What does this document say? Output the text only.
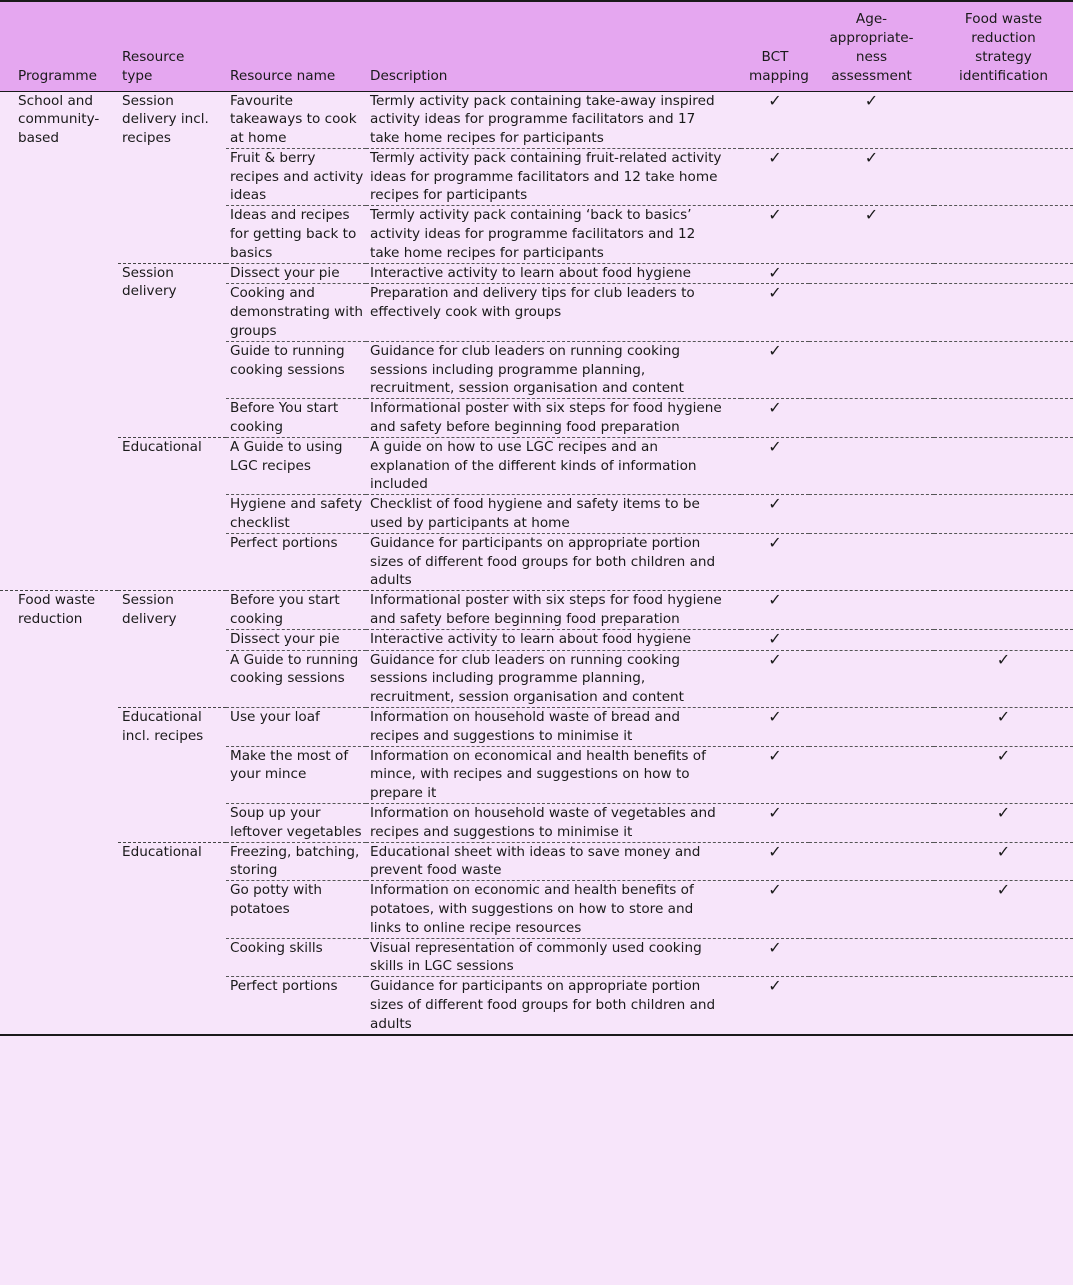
Programme	Resource type	Resource name	Description	BCT mapping	Age-appropriate-ness assessment	Food waste reduction strategy identification
School and community-based	Session delivery incl. recipes	Favourite takeaways to cook at home	Termly activity pack containing take-away inspired activity ideas for programme facilitators and 17 take home recipes for participants	✓	✓	
		Fruit & berry recipes and activity ideas	Termly activity pack containing fruit-related activity ideas for programme facilitators and 12 take home recipes for participants	✓	✓	
		Ideas and recipes for getting back to basics	Termly activity pack containing ‘back to basics’ activity ideas for programme facilitators and 12 take home recipes for participants	✓	✓	
	Session delivery	Dissect your pie	Interactive activity to learn about food hygiene	✓		
		Cooking and demonstrating with groups	Preparation and delivery tips for club leaders to effectively cook with groups	✓		
		Guide to running cooking sessions	Guidance for club leaders on running cooking sessions including programme planning, recruitment, session organisation and content	✓		
		Before You start cooking	Informational poster with six steps for food hygiene and safety before beginning food preparation	✓		
	Educational	A Guide to using LGC recipes	A guide on how to use LGC recipes and an explanation of the different kinds of information included	✓		
		Hygiene and safety checklist	Checklist of food hygiene and safety items to be used by participants at home	✓		
		Perfect portions	Guidance for participants on appropriate portion sizes of different food groups for both children and adults	✓		
Food waste reduction	Session delivery	Before you start cooking	Informational poster with six steps for food hygiene and safety before beginning food preparation	✓		
		Dissect your pie	Interactive activity to learn about food hygiene	✓		
		A Guide to running cooking sessions	Guidance for club leaders on running cooking sessions including programme planning, recruitment, session organisation and content	✓		✓
	Educational incl. recipes	Use your loaf	Information on household waste of bread and recipes and suggestions to minimise it	✓		✓
		Make the most of your mince	Information on economical and health benefits of mince, with recipes and suggestions on how to prepare it	✓		✓
		Soup up your leftover vegetables	Information on household waste of vegetables and recipes and suggestions to minimise it	✓		✓
	Educational	Freezing, batching, storing	Educational sheet with ideas to save money and prevent food waste	✓		✓
		Go potty with potatoes	Information on economic and health benefits of potatoes, with suggestions on how to store and links to online recipe resources	✓		✓
		Cooking skills	Visual representation of commonly used cooking skills in LGC sessions	✓		
		Perfect portions	Guidance for participants on appropriate portion sizes of different food groups for both children and adults	✓		
